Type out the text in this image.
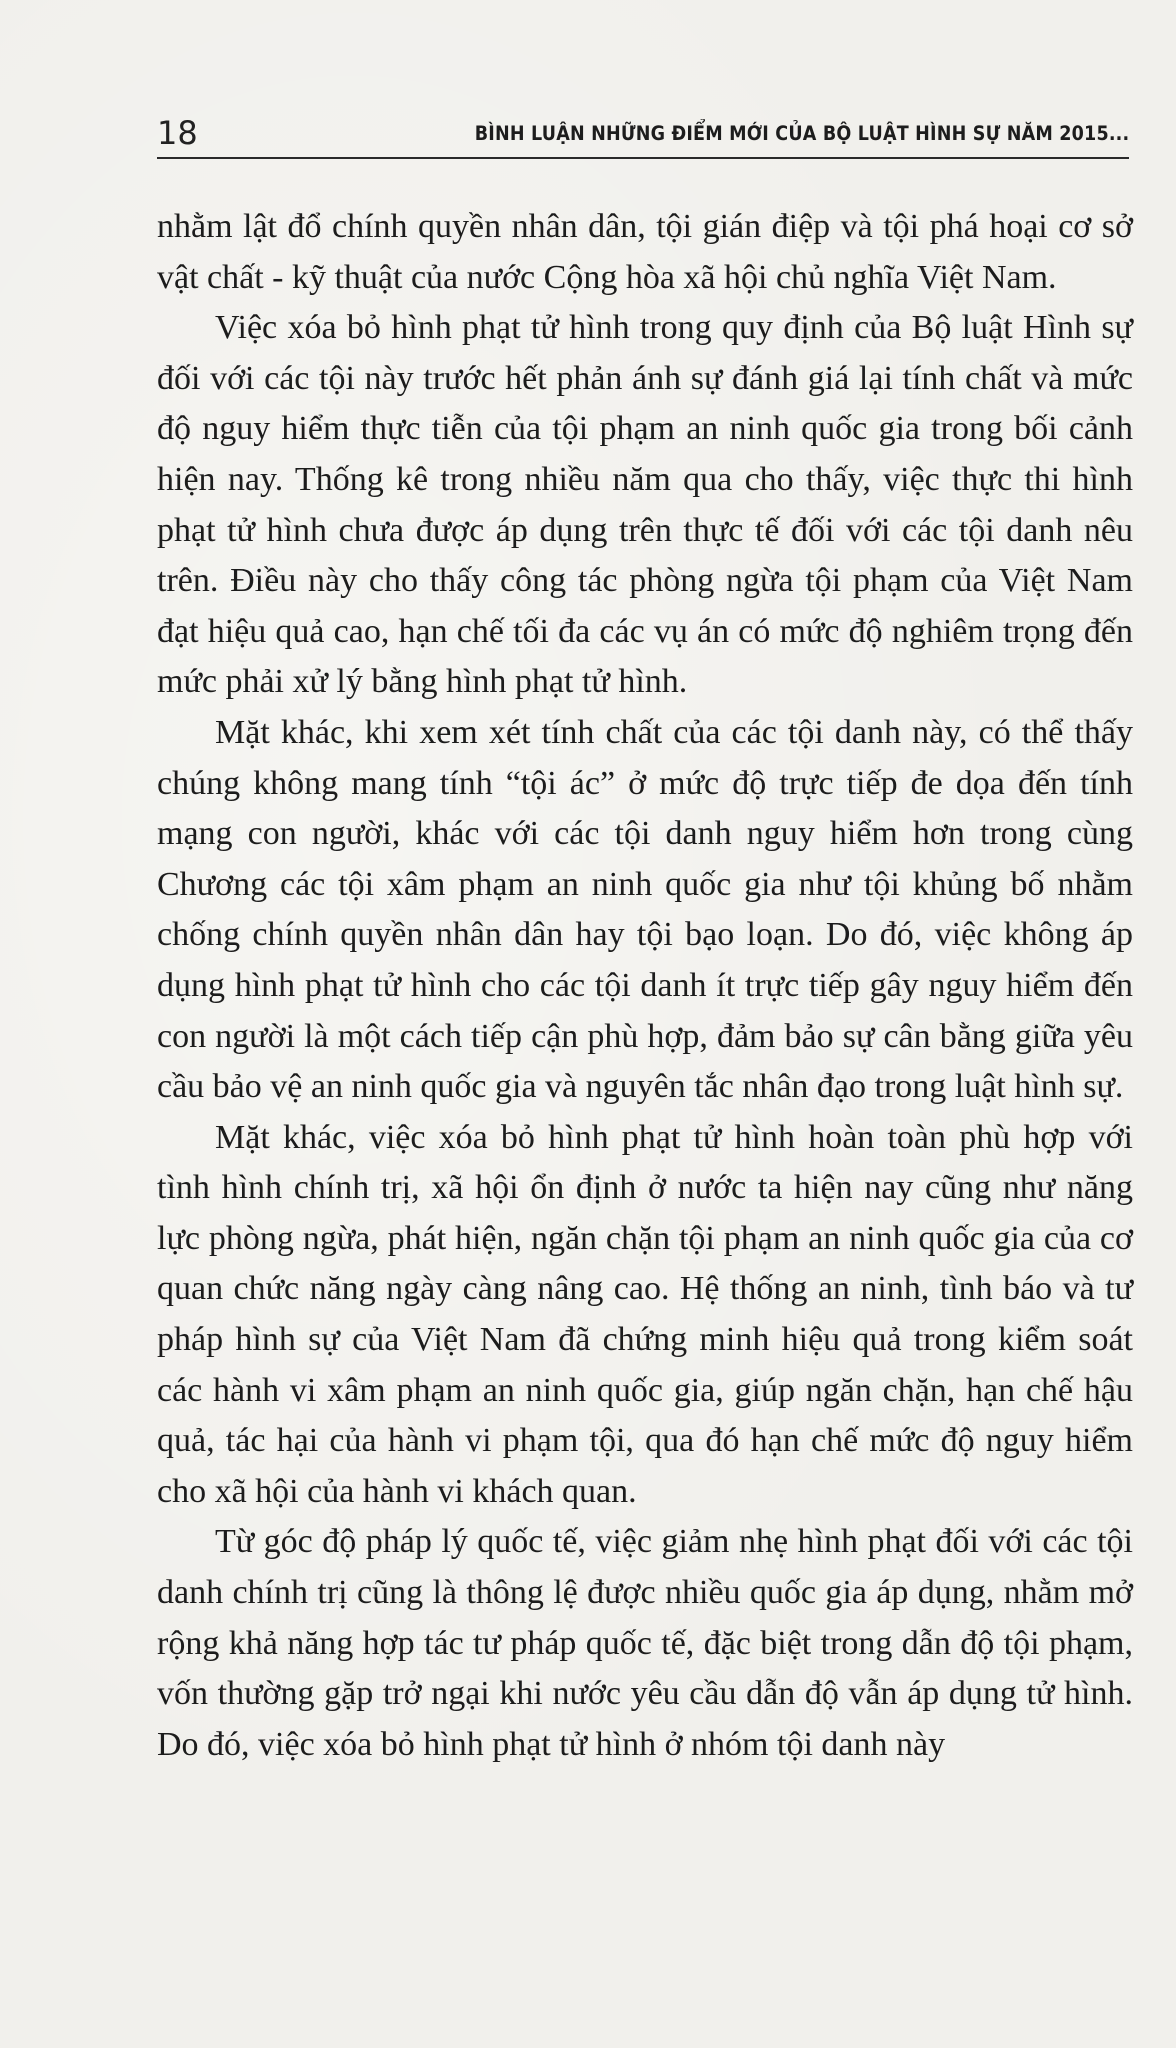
18	BÌNH LUẬN NHỮNG ĐIỂM MỚI CỦA BỘ LUẬT HÌNH SỰ NĂM 2015...

nhằm lật đổ chính quyền nhân dân, tội gián điệp và tội phá hoại cơ sở vật chất - kỹ thuật của nước Cộng hòa xã hội chủ nghĩa Việt Nam.

Việc xóa bỏ hình phạt tử hình trong quy định của Bộ luật Hình sự đối với các tội này trước hết phản ánh sự đánh giá lại tính chất và mức độ nguy hiểm thực tiễn của tội phạm an ninh quốc gia trong bối cảnh hiện nay. Thống kê trong nhiều năm qua cho thấy, việc thực thi hình phạt tử hình chưa được áp dụng trên thực tế đối với các tội danh nêu trên. Điều này cho thấy công tác phòng ngừa tội phạm của Việt Nam đạt hiệu quả cao, hạn chế tối đa các vụ án có mức độ nghiêm trọng đến mức phải xử lý bằng hình phạt tử hình.

Mặt khác, khi xem xét tính chất của các tội danh này, có thể thấy chúng không mang tính “tội ác” ở mức độ trực tiếp đe dọa đến tính mạng con người, khác với các tội danh nguy hiểm hơn trong cùng Chương các tội xâm phạm an ninh quốc gia như tội khủng bố nhằm chống chính quyền nhân dân hay tội bạo loạn. Do đó, việc không áp dụng hình phạt tử hình cho các tội danh ít trực tiếp gây nguy hiểm đến con người là một cách tiếp cận phù hợp, đảm bảo sự cân bằng giữa yêu cầu bảo vệ an ninh quốc gia và nguyên tắc nhân đạo trong luật hình sự.

Mặt khác, việc xóa bỏ hình phạt tử hình hoàn toàn phù hợp với tình hình chính trị, xã hội ổn định ở nước ta hiện nay cũng như năng lực phòng ngừa, phát hiện, ngăn chặn tội phạm an ninh quốc gia của cơ quan chức năng ngày càng nâng cao. Hệ thống an ninh, tình báo và tư pháp hình sự của Việt Nam đã chứng minh hiệu quả trong kiểm soát các hành vi xâm phạm an ninh quốc gia, giúp ngăn chặn, hạn chế hậu quả, tác hại của hành vi phạm tội, qua đó hạn chế mức độ nguy hiểm cho xã hội của hành vi khách quan.

Từ góc độ pháp lý quốc tế, việc giảm nhẹ hình phạt đối với các tội danh chính trị cũng là thông lệ được nhiều quốc gia áp dụng, nhằm mở rộng khả năng hợp tác tư pháp quốc tế, đặc biệt trong dẫn độ tội phạm, vốn thường gặp trở ngại khi nước yêu cầu dẫn độ vẫn áp dụng tử hình. Do đó, việc xóa bỏ hình phạt tử hình ở nhóm tội danh này
